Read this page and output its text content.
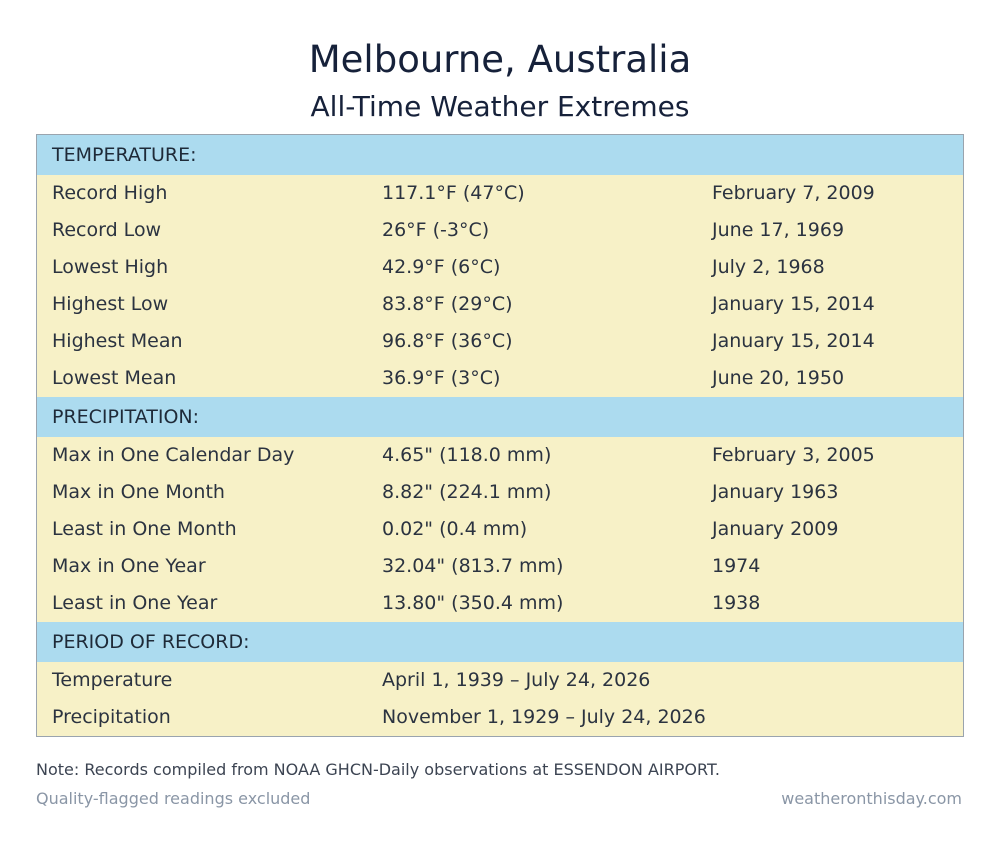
Melbourne, Australia
All-Time Weather Extremes
TEMPERATURE:
Record High	117.1°F (47°C)	February 7, 2009
Record Low	26°F (-3°C)	June 17, 1969
Lowest High	42.9°F (6°C)	July 2, 1968
Highest Low	83.8°F (29°C)	January 15, 2014
Highest Mean	96.8°F (36°C)	January 15, 2014
Lowest Mean	36.9°F (3°C)	June 20, 1950
PRECIPITATION:
Max in One Calendar Day	4.65" (118.0 mm)	February 3, 2005
Max in One Month	8.82" (224.1 mm)	January 1963
Least in One Month	0.02" (0.4 mm)	January 2009
Max in One Year	32.04" (813.7 mm)	1974
Least in One Year	13.80" (350.4 mm)	1938
PERIOD OF RECORD:
Temperature	April 1, 1939 – July 24, 2026
Precipitation	November 1, 1929 – July 24, 2026
Note: Records compiled from NOAA GHCN-Daily observations at ESSENDON AIRPORT.
Quality-flagged readings excluded	weatheronthisday.com
